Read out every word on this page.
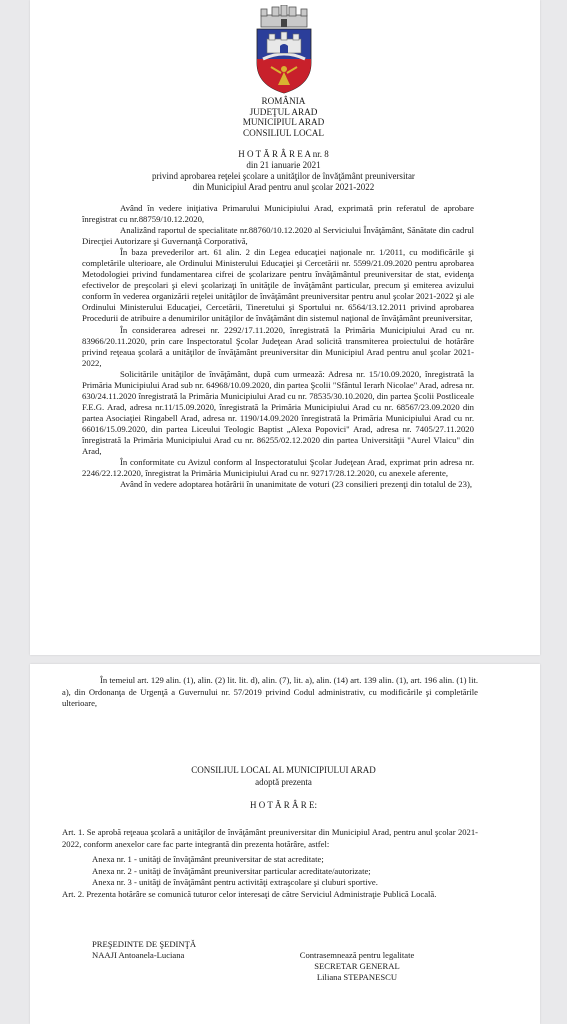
ROMÂNIA
JUDEŢUL ARAD
MUNICIPIUL ARAD
CONSILIUL LOCAL
H O T Ă R Â R E A nr. 8
din 21 ianuarie 2021
privind aprobarea reţelei şcolare a unităţilor de învăţământ preuniversitar
din Municipiul Arad pentru anul şcolar 2021-2022

Având în vedere iniţiativa Primarului Municipiului Arad, exprimată prin referatul de aprobare înregistrat cu nr.88759/10.12.2020,

Analizând raportul de specialitate nr.88760/10.12.2020 al Serviciului Învăţământ, Sănătate din cadrul Direcţiei Autorizare şi Guvernanţă Corporativă,

În baza prevederilor art. 61 alin. 2 din Legea educaţiei naţionale nr. 1/2011, cu modificările şi completările ulterioare, ale Ordinului Ministerului Educaţiei şi Cercetării nr. 5599/21.09.2020 pentru aprobarea Metodologiei privind fundamentarea cifrei de şcolarizare pentru învăţământul preuniversitar de stat, evidenţa efectivelor de preşcolari şi elevi şcolarizaţi în unităţile de învăţământ particular, precum şi emiterea avizului conform în vederea organizării reţelei unităţilor de învăţământ preuniversitar pentru anul şcolar 2021-2022 şi ale Ordinului Ministerului Educaţiei, Cercetării, Tineretului şi Sportului nr. 6564/13.12.2011 privind aprobarea Procedurii de atribuire a denumirilor unităţilor de învăţământ din sistemul naţional de învăţământ preuniversitar,

În considerarea adresei nr. 2292/17.11.2020, înregistrată la Primăria Municipiului Arad cu nr. 83966/20.11.2020, prin care Inspectoratul Şcolar Judeţean Arad solicită transmiterea proiectului de hotărâre privind reţeaua şcolară a unităţilor de învăţământ preuniversitar din Municipiul Arad pentru anul şcolar 2021-2022,

Solicitările unităţilor de învăţământ, după cum urmează: Adresa nr. 15/10.09.2020, înregistrată la Primăria Municipiului Arad sub nr. 64968/10.09.2020, din partea Şcolii "Sfântul Ierarh Nicolae" Arad, adresa nr. 630/24.11.2020 înregistrată la Primăria Municipiului Arad cu nr. 78535/30.10.2020, din partea Şcolii Postliceale F.E.G. Arad, adresa nr.11/15.09.2020, înregistrată la Primăria Municipiului Arad cu nr. 68567/23.09.2020 din partea Asociaţiei Ringabell Arad, adresa nr. 1190/14.09.2020 înregistrată la Primăria Municipiului Arad cu nr. 66016/15.09.2020, din partea Liceului Teologic Baptist „Alexa Popovici" Arad, adresa nr. 7405/27.11.2020 înregistrată la Primăria Municipiului Arad cu nr. 86255/02.12.2020 din partea Universităţii "Aurel Vlaicu" din Arad,

În conformitate cu Avizul conform al Inspectoratului Şcolar Judeţean Arad, exprimat prin adresa nr. 2246/22.12.2020, înregistrat la Primăria Municipiului Arad cu nr. 92717/28.12.2020, cu anexele aferente,

Având în vedere adoptarea hotărârii în unanimitate de voturi (23 consilieri prezenţi din totalul de 23),

În temeiul art. 129 alin. (1), alin. (2) lit. lit. d), alin. (7), lit. a), alin. (14) art. 139 alin. (1), art. 196 alin. (1) lit. a), din Ordonanţa de Urgenţă a Guvernului nr. 57/2019 privind Codul administrativ, cu modificările şi completările ulterioare,

CONSILIUL LOCAL AL MUNICIPIULUI ARAD
adoptă prezenta
H O T Ă R Â R E:

Art. 1. Se aprobă reţeaua şcolară a unităţilor de învăţământ preuniversitar din Municipiul Arad, pentru anul şcolar 2021-2022, conform anexelor care fac parte integrantă din prezenta hotărâre, astfel:

Anexa nr. 1 - unităţi de învăţământ preuniversitar de stat acreditate;

Anexa nr. 2 - unităţi de învăţământ preuniversitar particular acreditate/autorizate;

Anexa nr. 3 - unităţi de învăţământ pentru activităţi extraşcolare şi cluburi sportive.

Art. 2. Prezenta hotărâre se comunică tuturor celor interesaţi de către Serviciul Administraţie Publică Locală.

PREŞEDINTE DE ŞEDINŢĂ
NAAJI Antoanela-Luciana	Contrasemnează pentru legalitate
SECRETAR GENERAL
Liliana STEPANESCU
